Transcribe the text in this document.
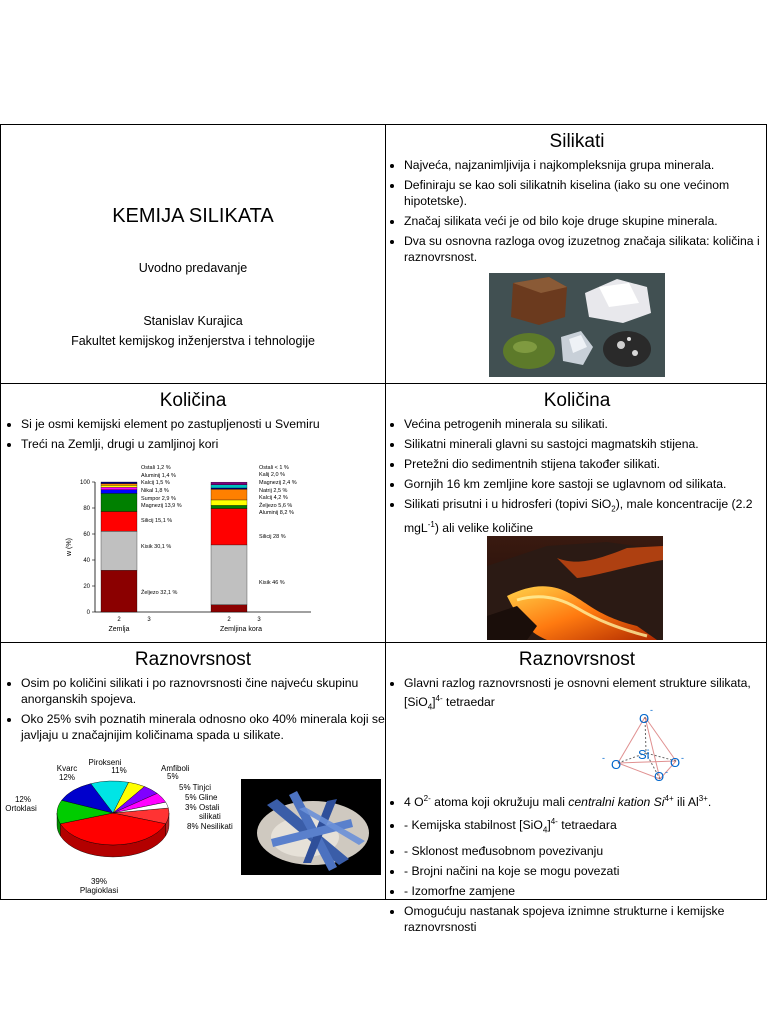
KEMIJA SILIKATA
Uvodno predavanje
Stanislav Kurajica
Fakultet kemijskog inženjerstva i tehnologije
Silikati
• Najveća, najzanimljivija i najkompleksnija grupa minerala.
• Definiraju se kao soli silikatnih kiselina (iako su one većinom hipotetske).
• Značaj silikata veći je od bilo koje druge skupine minerala.
• Dva su osnovna razloga ovog izuzetnog značaja silikata: količina i raznovrsnost.
Količina
• Si je osmi kemijski element po zastupljenosti u Svemiru
• Treći na Zemlji, drugi u zamljinoj kori
0
20
40
60
80
100
w (%)
2	3
Zemlja
2	3
Zemljina kora
Ostali 1,2 %
Aluminij 1,4 %
Kalcij 1,5 %
Nikal 1,8 %
Sumpor 2,9 %
Magnezij 13,9 %
Silicij 15,1 %
Kisik 30,1 %
Željezo 32,1 %
Ostali < 1 %
Kalij 2,0 %
Magnezij 2,4 %
Natrij 2,5 %
Kalcij 4,2 %
Željezo 5,6 %
Aluminij 8,2 %
Silicij 28 %
Kisik 46 %
Količina
• Većina petrogenih minerala su silikati.
• Silikatni minerali glavni su sastojci magmatskih stijena.
• Pretežni dio sedimentnih stijena također silikati.
• Gornjih 16 km zemljine kore sastoji se uglavnom od silikata.
• Silikati prisutni i u hidrosferi (topivi SiO$_2$), male koncentracije (2.2 mgL$^{-1}$) ali velike količine
Raznovrsnost
• Osim po količini silikati i po raznovrsnosti čine najveću skupinu anorganskih spojeva.
• Oko 25% svih poznatih minerala odnosno oko 40% minerala koji se javljaju u značajnijim količinama spada u silikate.
Kvarc
12%
Pirokseni
11%	Amfiboli
5%
5% Tinjci
5% Gline
3% Ostali
silikati
8% Nesilikati
Ortoklasi
12%
Plagioklasi
39%
Raznovrsnost
• Glavni razlog raznovrsnosti je osnovni element strukture silikata, $[SiO_4]^{4-}$ tetraedar
O
-
Si
O
-	O -
O -
• 4 $O^{2-}$ atoma koji okružuju mali centralni kation $Si^{4+}$ ili $Al^{3+}$.
• - Kemijska stabilnost $[SiO_4]^{4-}$ tetraedara
• - Sklonost međusobnom povezivanju
• - Brojni načini na koje se mogu povezati
• - Izomorfne zamjene
• Omogućuju nastanak spojeva iznimne strukturne i kemijske raznovrsnosti
